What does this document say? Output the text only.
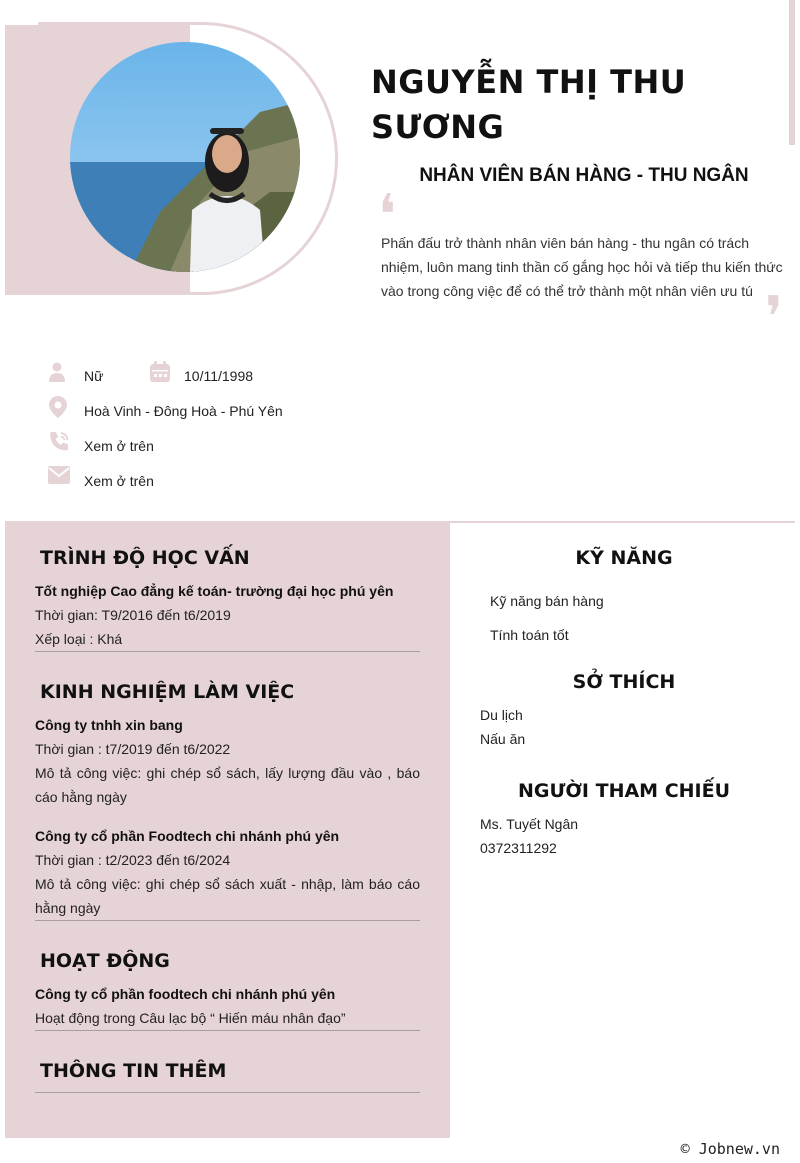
NGUYỄN THỊ THU SƯƠNG
NHÂN VIÊN BÁN HÀNG - THU NGÂN
❛
Phấn đấu trở thành nhân viên bán hàng - thu ngân có trách nhiệm, luôn mang tinh thần cố gắng học hỏi và tiếp thu kiến thức vào trong công việc để có thể trở thành một nhân viên ưu tú ❜
Nữ	10/11/1998
Hoà Vinh - Đông Hoà - Phú Yên
Xem ở trên
Xem ở trên
TRÌNH ĐỘ HỌC VẤN
Tốt nghiệp Cao đẳng kế toán- trường đại học phú yên
Thời gian: T9/2016 đến t6/2019
Xếp loại : Khá
KINH NGHIỆM LÀM VIỆC
Công ty tnhh xin bang
Thời gian : t7/2019 đến t6/2022
Mô tả công việc: ghi chép sổ sách, lấy lượng đầu vào , báo cáo hằng ngày
Công ty cổ phần Foodtech chi nhánh phú yên
Thời gian : t2/2023 đến t6/2024
Mô tả công việc: ghi chép sổ sách xuất - nhập, làm báo cáo hằng ngày
HOẠT ĐỘNG
Công ty cổ phần foodtech chi nhánh phú yên
Hoạt động trong Câu lạc bộ “ Hiến máu nhân đạo”
THÔNG TIN THÊM
KỸ NĂNG
Kỹ năng bán hàng
Tính toán tốt
SỞ THÍCH
Du lịch
Nấu ăn
NGƯỜI THAM CHIẾU
Ms. Tuyết Ngân
0372311292
© Jobnew.vn
